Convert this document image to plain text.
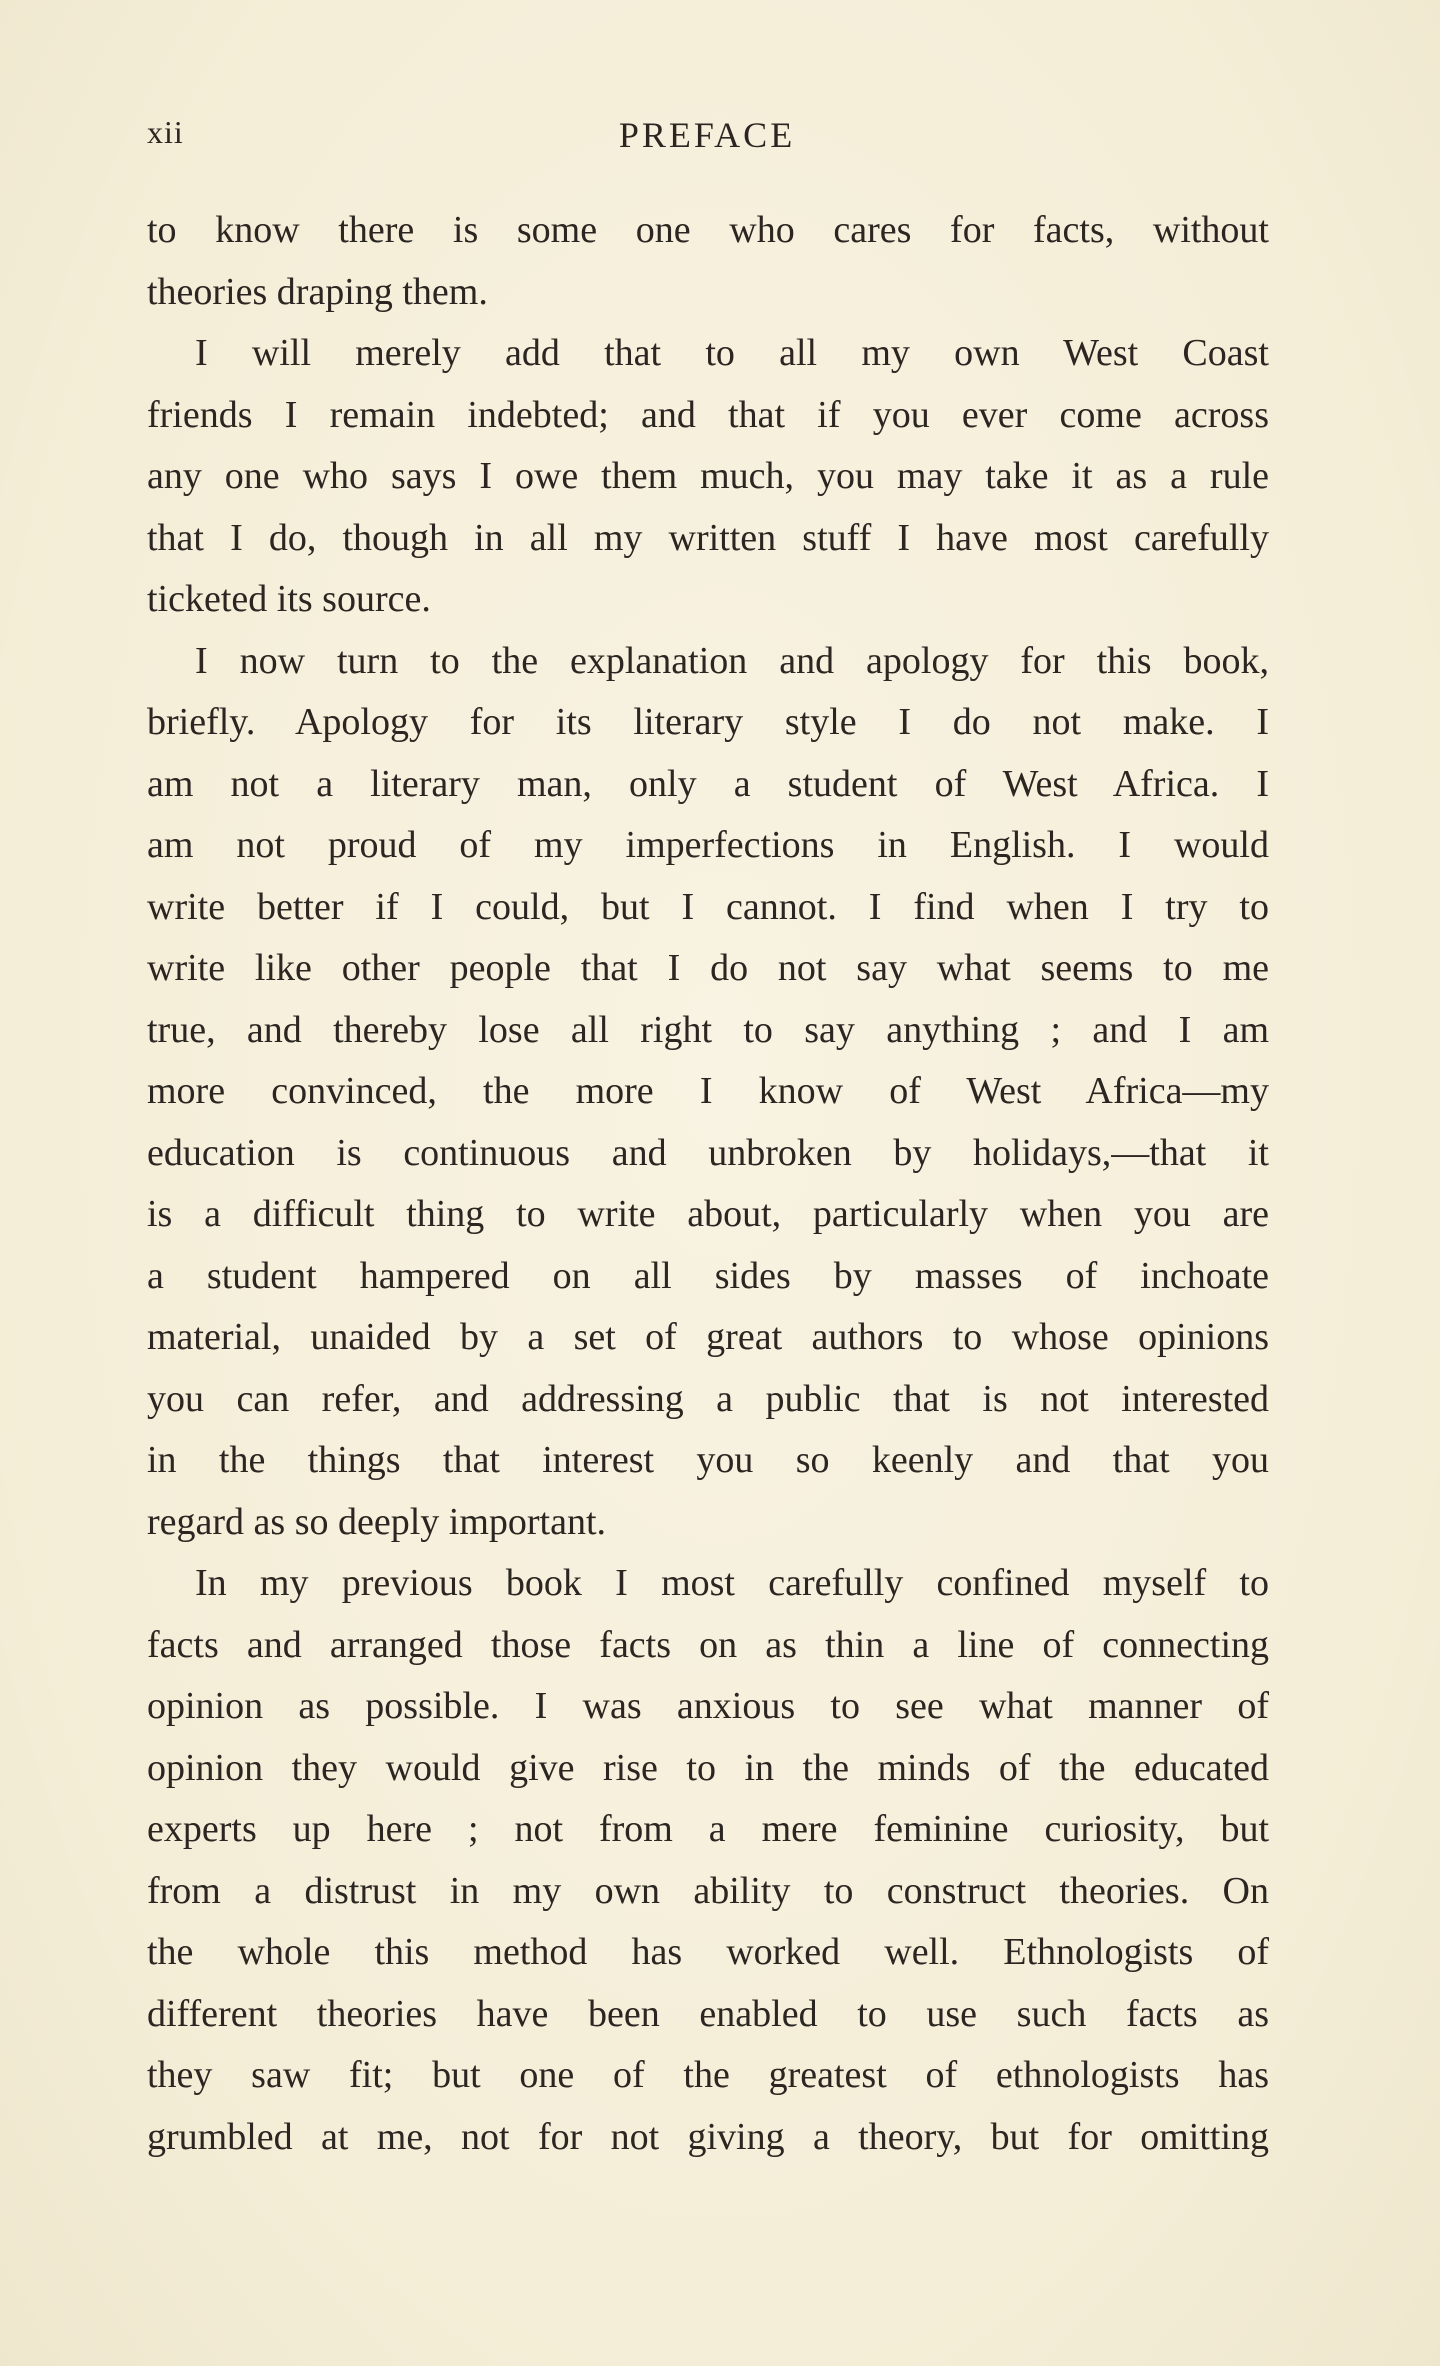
xii	PREFACE
to know there is some one who cares for facts, without
theories draping them.
I will merely add that to all my own West Coast
friends I remain indebted; and that if you ever come across
any one who says I owe them much, you may take it as a rule
that I do, though in all my written stuff I have most carefully
ticketed its source.
I now turn to the explanation and apology for this book,
briefly. Apology for its literary style I do not make. I
am not a literary man, only a student of West Africa. I
am not proud of my imperfections in English. I would
write better if I could, but I cannot. I find when I try to
write like other people that I do not say what seems to me
true, and thereby lose all right to say anything ; and I am
more convinced, the more I know of West Africa—my
education is continuous and unbroken by holidays,—that it
is a difficult thing to write about, particularly when you are
a student hampered on all sides by masses of inchoate
material, unaided by a set of great authors to whose opinions
you can refer, and addressing a public that is not interested
in the things that interest you so keenly and that you
regard as so deeply important.
In my previous book I most carefully confined myself to
facts and arranged those facts on as thin a line of connecting
opinion as possible. I was anxious to see what manner of
opinion they would give rise to in the minds of the educated
experts up here ; not from a mere feminine curiosity, but
from a distrust in my own ability to construct theories. On
the whole this method has worked well. Ethnologists of
different theories have been enabled to use such facts as
they saw fit; but one of the greatest of ethnologists has
grumbled at me, not for not giving a theory, but for omitting
